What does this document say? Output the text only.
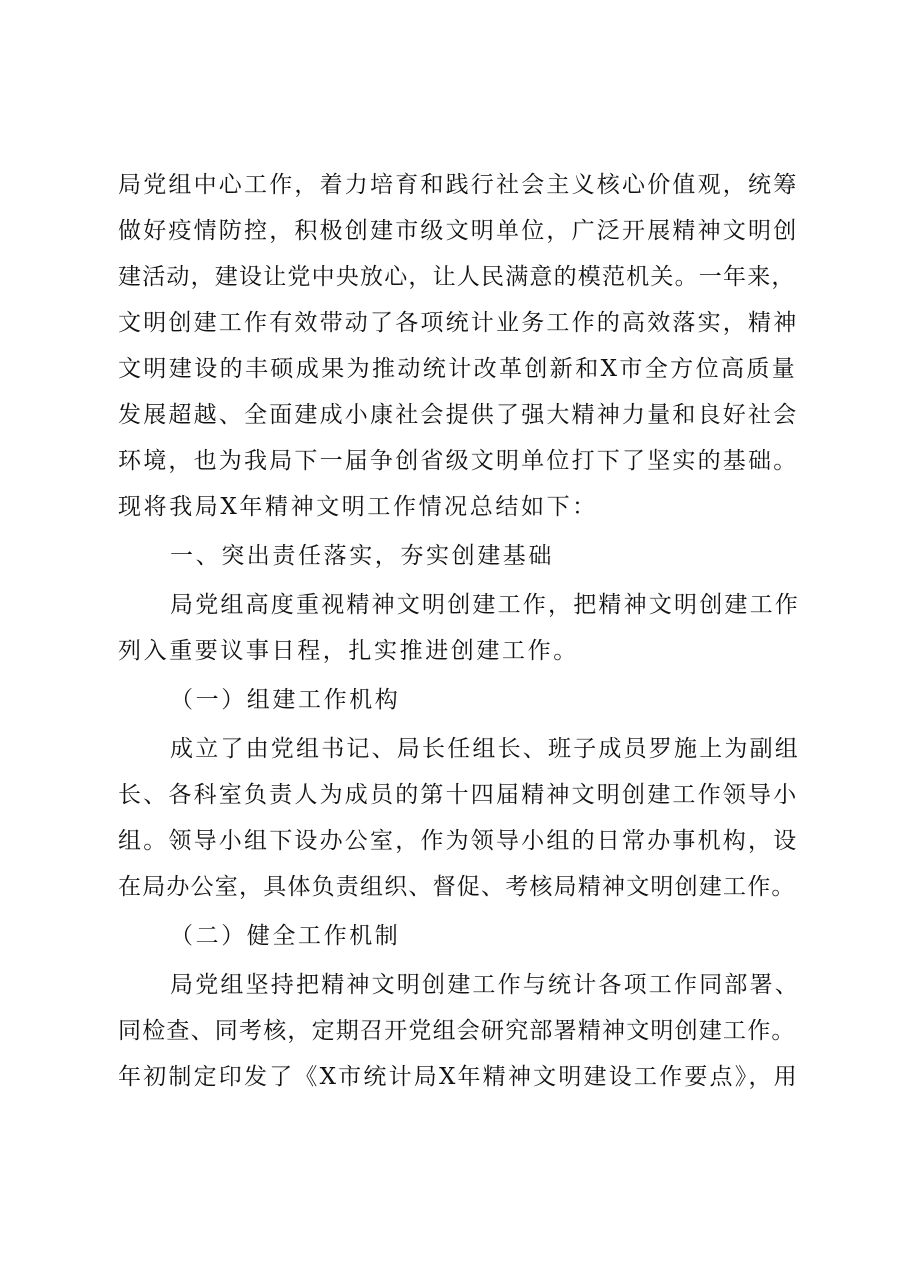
局党组中心工作，着力培育和践行社会主义核心价值观，统筹
做好疫情防控，积极创建市级文明单位，广泛开展精神文明创
建活动，建设让党中央放心，让人民满意的模范机关。一年来，
文明创建工作有效带动了各项统计业务工作的高效落实，精神
文明建设的丰硕成果为推动统计改革创新和X市全方位高质量
发展超越、全面建成小康社会提供了强大精神力量和良好社会
环境，也为我局下一届争创省级文明单位打下了坚实的基础。
现将我局X年精神文明工作情况总结如下：
一、突出责任落实，夯实创建基础
局党组高度重视精神文明创建工作，把精神文明创建工作
列入重要议事日程，扎实推进创建工作。
（一）组建工作机构
成立了由党组书记、局长任组长、班子成员罗施上为副组
长、各科室负责人为成员的第十四届精神文明创建工作领导小
组。领导小组下设办公室，作为领导小组的日常办事机构，设
在局办公室，具体负责组织、督促、考核局精神文明创建工作。
（二）健全工作机制
局党组坚持把精神文明创建工作与统计各项工作同部署、
同检查、同考核，定期召开党组会研究部署精神文明创建工作。
年初制定印发了《X市统计局X年精神文明建设工作要点》，用
